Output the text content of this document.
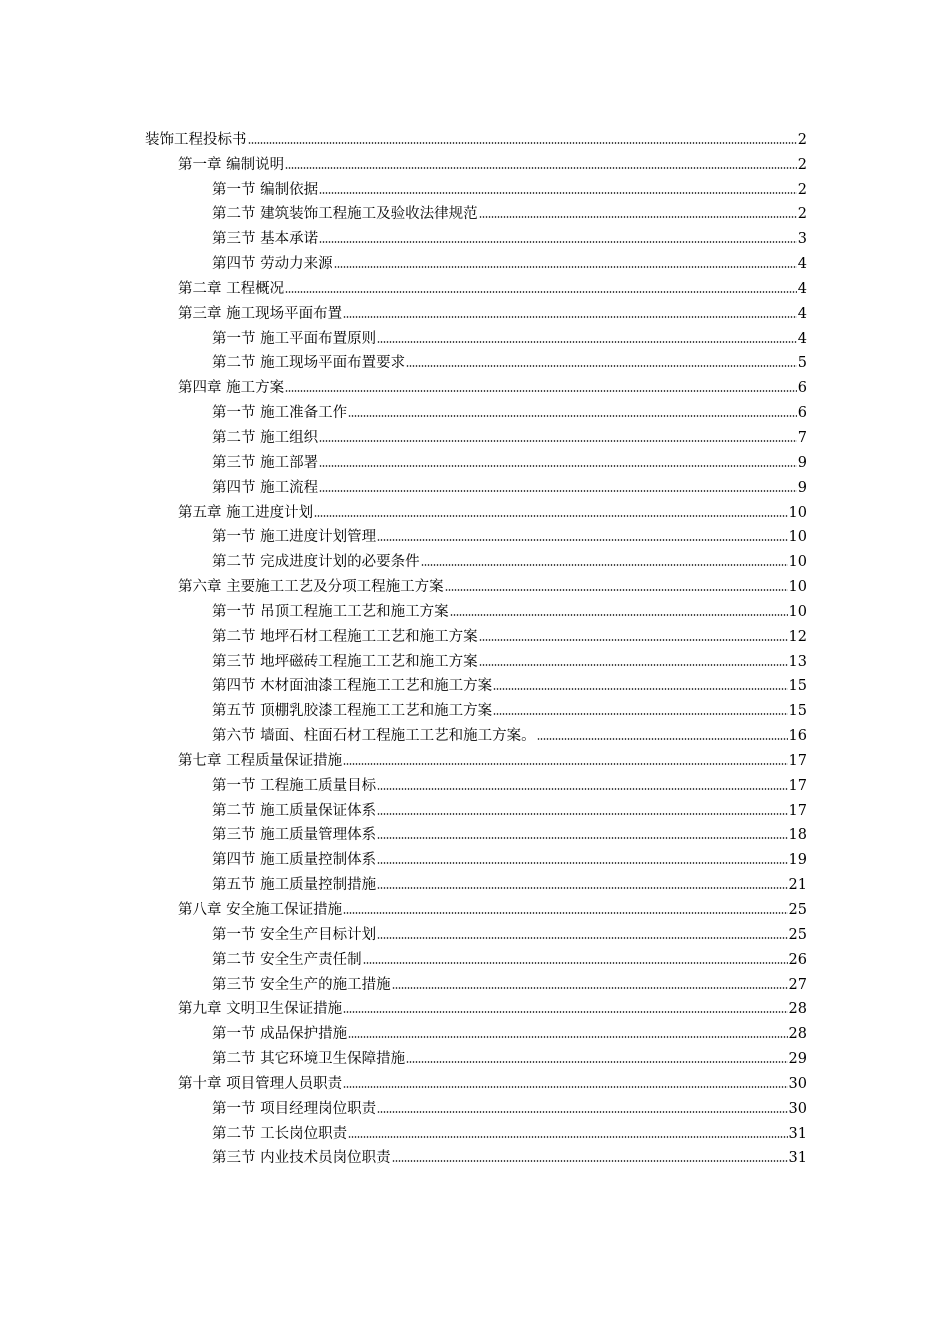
装饰工程投标书	2
第一章 编制说明	2
第一节 编制依据	2
第二节 建筑装饰工程施工及验收法律规范	2
第三节 基本承诺	3
第四节 劳动力来源	4
第二章 工程概况	4
第三章 施工现场平面布置	4
第一节 施工平面布置原则	4
第二节 施工现场平面布置要求	5
第四章 施工方案	6
第一节 施工准备工作	6
第二节 施工组织	7
第三节 施工部署	9
第四节 施工流程	9
第五章 施工进度计划	10
第一节 施工进度计划管理	10
第二节 完成进度计划的必要条件	10
第六章 主要施工工艺及分项工程施工方案	10
第一节 吊顶工程施工工艺和施工方案	10
第二节 地坪石材工程施工工艺和施工方案	12
第三节 地坪磁砖工程施工工艺和施工方案	13
第四节 木材面油漆工程施工工艺和施工方案	15
第五节 顶棚乳胶漆工程施工工艺和施工方案	15
第六节 墙面、柱面石材工程施工工艺和施工方案。	16
第七章 工程质量保证措施	17
第一节 工程施工质量目标	17
第二节 施工质量保证体系	17
第三节 施工质量管理体系	18
第四节 施工质量控制体系	19
第五节 施工质量控制措施	21
第八章 安全施工保证措施	25
第一节 安全生产目标计划	25
第二节 安全生产责任制	26
第三节 安全生产的施工措施	27
第九章 文明卫生保证措施	28
第一节 成品保护措施	28
第二节 其它环境卫生保障措施	29
第十章 项目管理人员职责	30
第一节 项目经理岗位职责	30
第二节 工长岗位职责	31
第三节 内业技术员岗位职责	31
